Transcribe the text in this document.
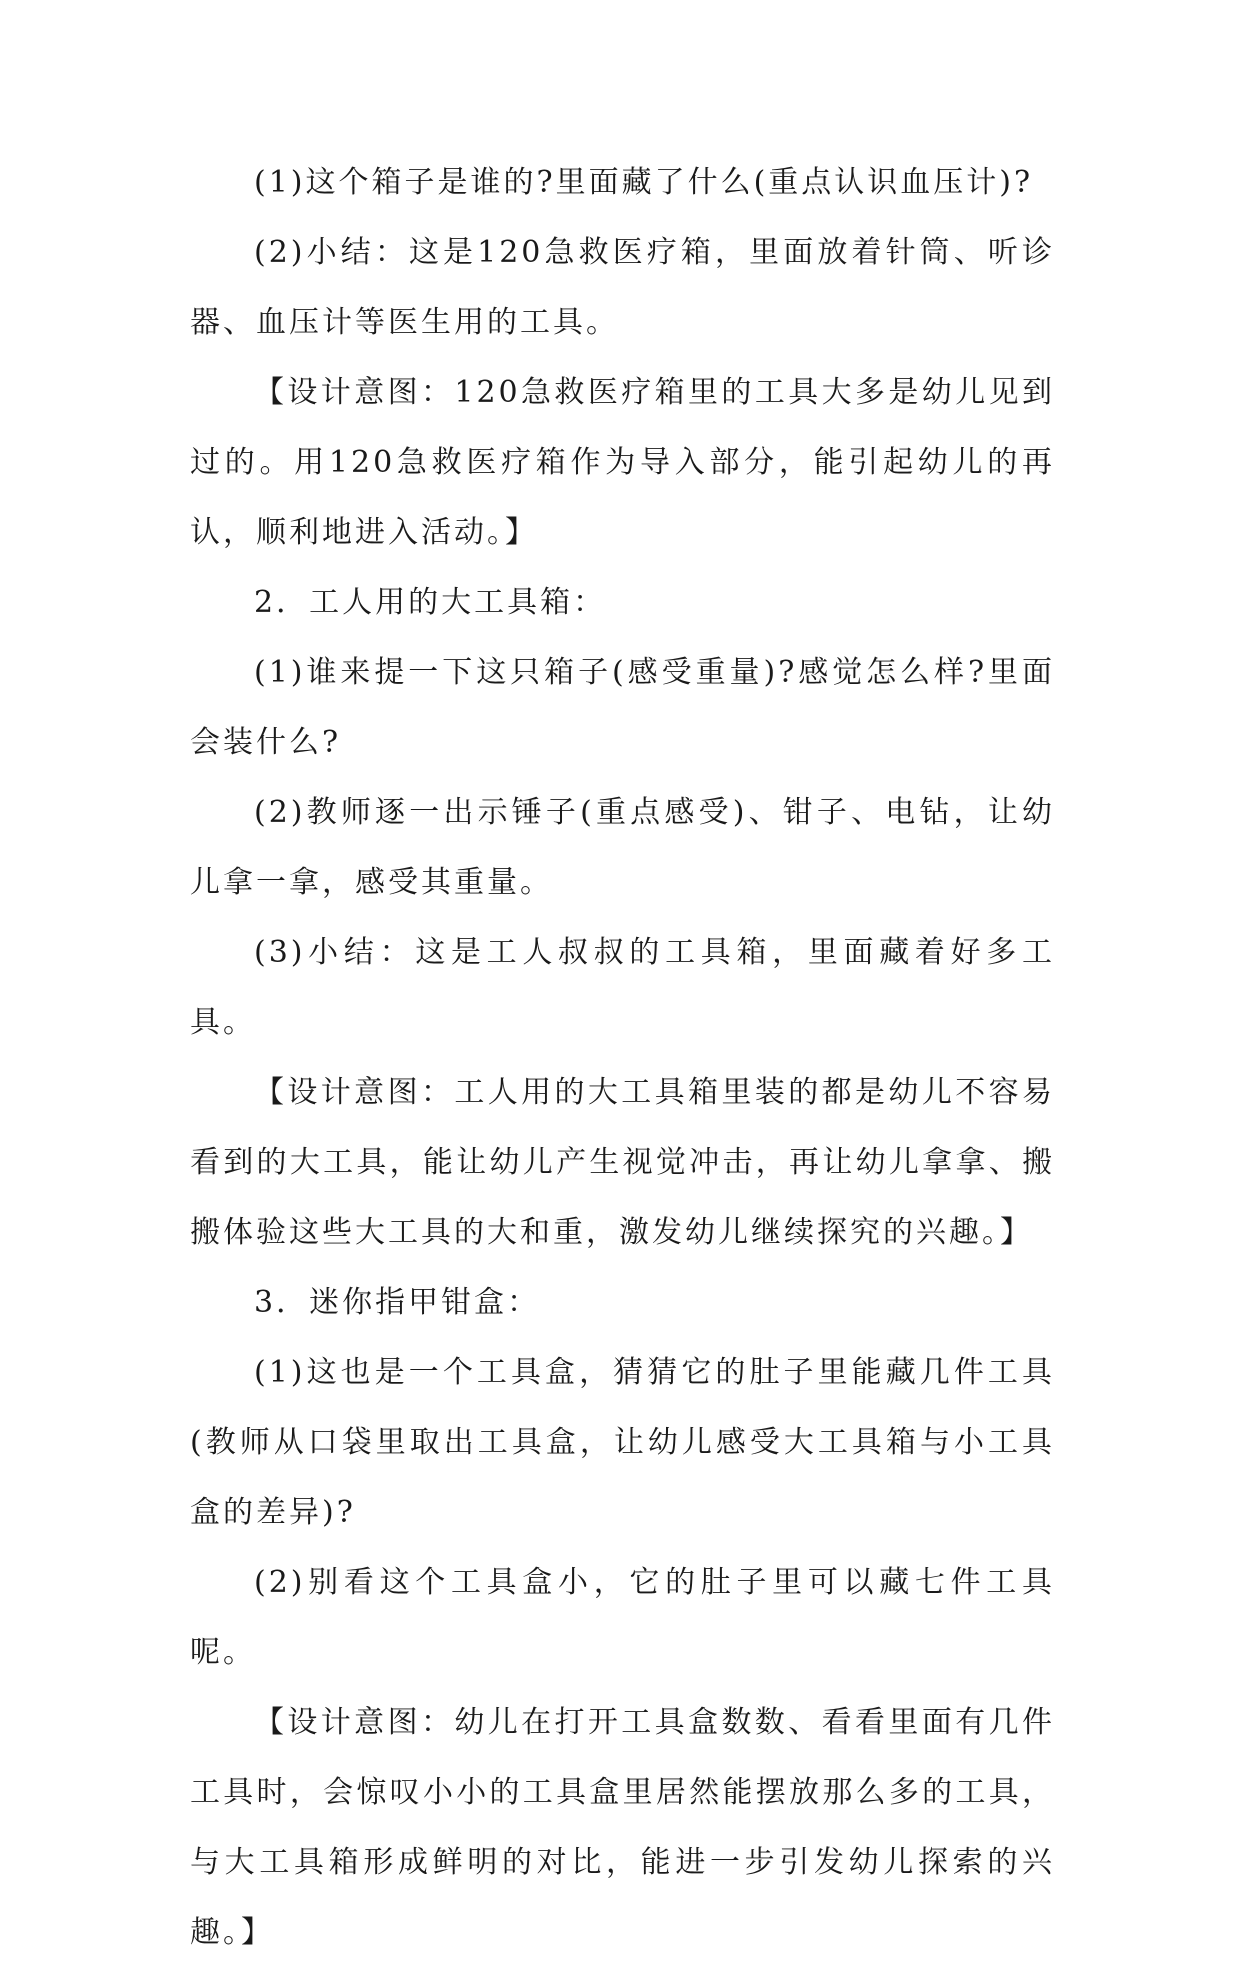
(1)这个箱子是谁的?里面藏了什么(重点认识血压计)?

(2)小结：这是120急救医疗箱，里面放着针筒、听诊器、血压计等医生用的工具。

【设计意图：120急救医疗箱里的工具大多是幼儿见到过的。用120急救医疗箱作为导入部分，能引起幼儿的再认，顺利地进入活动。】

2．工人用的大工具箱：

(1)谁来提一下这只箱子(感受重量)?感觉怎么样?里面会装什么?

(2)教师逐一出示锤子(重点感受)、钳子、电钻，让幼儿拿一拿，感受其重量。

(3)小结：这是工人叔叔的工具箱，里面藏着好多工具。

【设计意图：工人用的大工具箱里装的都是幼儿不容易看到的大工具，能让幼儿产生视觉冲击，再让幼儿拿拿、搬搬体验这些大工具的大和重，激发幼儿继续探究的兴趣。】

3．迷你指甲钳盒：

(1)这也是一个工具盒，猜猜它的肚子里能藏几件工具(教师从口袋里取出工具盒，让幼儿感受大工具箱与小工具盒的差异)?

(2)别看这个工具盒小，它的肚子里可以藏七件工具呢。

【设计意图：幼儿在打开工具盒数数、看看里面有几件工具时，会惊叹小小的工具盒里居然能摆放那么多的工具，与大工具箱形成鲜明的对比，能进一步引发幼儿探索的兴趣。】
